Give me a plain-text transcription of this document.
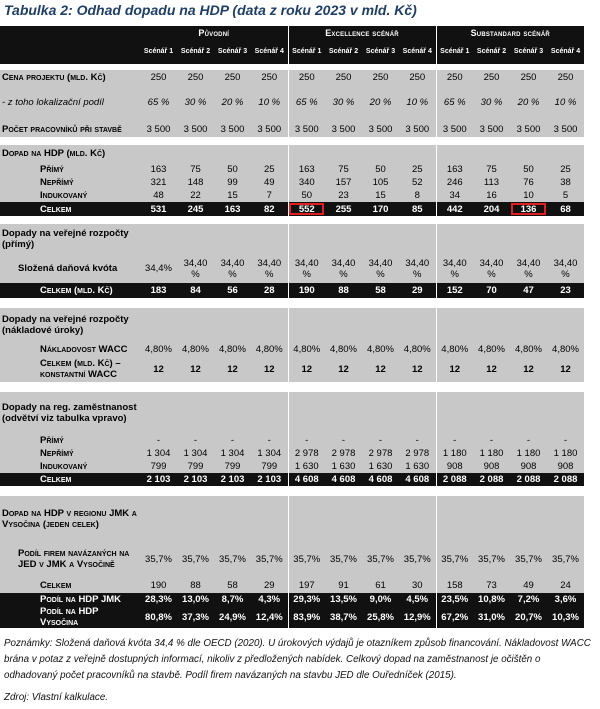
Tabulka 2: Odhad dopadu na HDP (data z roku 2023 v mld. Kč)
	Původní				Excellence scénář				Substandard scénář			
	Scénář 1	Scénář 2	Scénář 3	Scénář 4	Scénář 1	Scénář 2	Scénář 3	Scénář 4	Scénář 1	Scénář 2	Scénář 3	Scénář 4

Cena projektu (mld. Kč)	250	250	250	250	250	250	250	250	250	250	250	250
- z toho lokalizační podíl	65 %	30 %	20 %	10 %	65 %	30 %	20 %	10 %	65 %	30 %	20 %	10 %
Počet pracovníků při stavbě	3 500	3 500	3 500	3 500	3 500	3 500	3 500	3 500	3 500	3 500	3 500	3 500

Dopad na HDP (mld. Kč)												
Přímý	163	75	50	25	163	75	50	25	163	75	50	25
Nepřímý	321	148	99	49	340	157	105	52	246	113	76	38
Indukovaný	48	22	15	7	50	23	15	8	34	16	10	5
Celkem	531	245	163	82	552	255	170	85	442	204	136	68

Dopady na veřejné rozpočty (přímý)												
Složená daňová kvóta	34,4%	34,40 %	34,40 %	34,40 %	34,40 %	34,40 %	34,40 %	34,40 %	34,40 %	34,40 %	34,40 %	34,40 %
Celkem (mld. Kč)	183	84	56	28	190	88	58	29	152	70	47	23

Dopady na veřejné rozpočty (nákladové úroky)												
Nákladovost WACC	4,80%	4,80%	4,80%	4,80%	4,80%	4,80%	4,80%	4,80%	4,80%	4,80%	4,80%	4,80%
Celkem (mld. Kč) – konstantní WACC	12	12	12	12	12	12	12	12	12	12	12	12

Dopady na reg. zaměstnanost (odvětví viz tabulka vpravo)												
Přímý	-	-	-	-	-	-	-	-	-	-	-	-
Nepřímý	1 304	1 304	1 304	1 304	2 978	2 978	2 978	2 978	1 180	1 180	1 180	1 180
Indukovaný	799	799	799	799	1 630	1 630	1 630	1 630	908	908	908	908
Celkem	2 103	2 103	2 103	2 103	4 608	4 608	4 608	4 608	2 088	2 088	2 088	2 088

Dopad na HDP v regionu JMK a Vysočina (jeden celek)												
Podíl firem navázaných na JED v JMK a Vysočině	35,7%	35,7%	35,7%	35,7%	35,7%	35,7%	35,7%	35,7%	35,7%	35,7%	35,7%	35,7%
Celkem	190	88	58	29	197	91	61	30	158	73	49	24
Podíl na HDP JMK	28,3%	13,0%	8,7%	4,3%	29,3%	13,5%	9,0%	4,5%	23,5%	10,8%	7,2%	3,6%
Podíl na HDP Vysočina	80,8%	37,3%	24,9%	12,4%	83,9%	38,7%	25,8%	12,9%	67,2%	31,0%	20,7%	10,3%
Poznámky: Složená daňová kvóta 34,4 % dle OECD (2020). U úrokových výdajů je otazníkem způsob financování. Nákladovost WACC brána v potaz z veřejně dostupných informací, nikoliv z předložených nabídek. Celkový dopad na zaměstnanost je očištěn o odhadovaný počet pracovníků na stavbě. Podíl firem navázaných na stavbu JED dle Ouředníček (2015).
Zdroj: Vlastní kalkulace.
